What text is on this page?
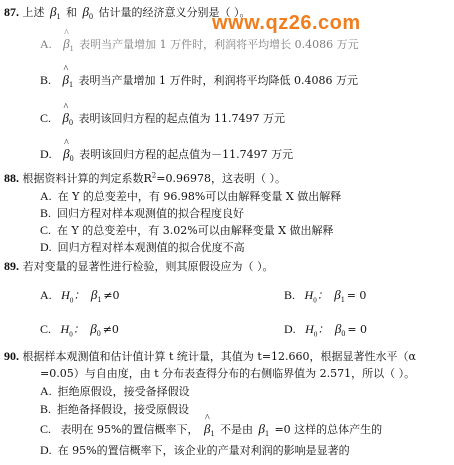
www.qz26.com
87. 上述 $\beta_1$ 和 $\beta_0$ 估计量的经济意义分别是（ ）。
A.
^
$\beta_1$ 表明当产量增加 1 万件时，利润将平均增长 0.4086 万元
B.
^
$\beta_1$ 表明当产量增加 1 万件时，利润将平均降低 0.4086 万元
C.
^
$\beta_0$ 表明该回归方程的起点值为 11.7497 万元
D.
^
$\beta_0$ 表明该回归方程的起点值为－11.7497 万元
88. 根据资料计算的判定系数$R^2=0.96978$，这表明（ ）。
A. 在 Y 的总变差中，有 96.98%可以由解释变量 X 做出解释
B. 回归方程对样本观测值的拟合程度良好
C. 在 Y 的总变差中，有 3.02%可以由解释变量 X 做出解释
D. 回归方程对样本观测值的拟合优度不高
89. 若对变量的显著性进行检验，则其原假设应为（ ）。
A. $H_0$： $\beta_1 \ne 0$	B. $H_0$： $\beta_1 = 0$
C. $H_0$： $\beta_0 \ne 0$	D. $H_0$： $\beta_0 = 0$
90. 根据样本观测值和估计值计算 t 统计量，其值为 t=12.660，根据显著性水平（α
=0.05）与自由度，由 t 分布表查得分布的右侧临界值为 2.571，所以（ ）。
A. 拒绝原假设，接受备择假设
B. 拒绝备择假设，接受原假设
C. 表明在 95%的置信概率下，
^
$\beta_1$ 不是由 $\beta_1 =0$ 这样的总体产生的
D. 在 95%的置信概率下，该企业的产量对利润的影响是显著的
